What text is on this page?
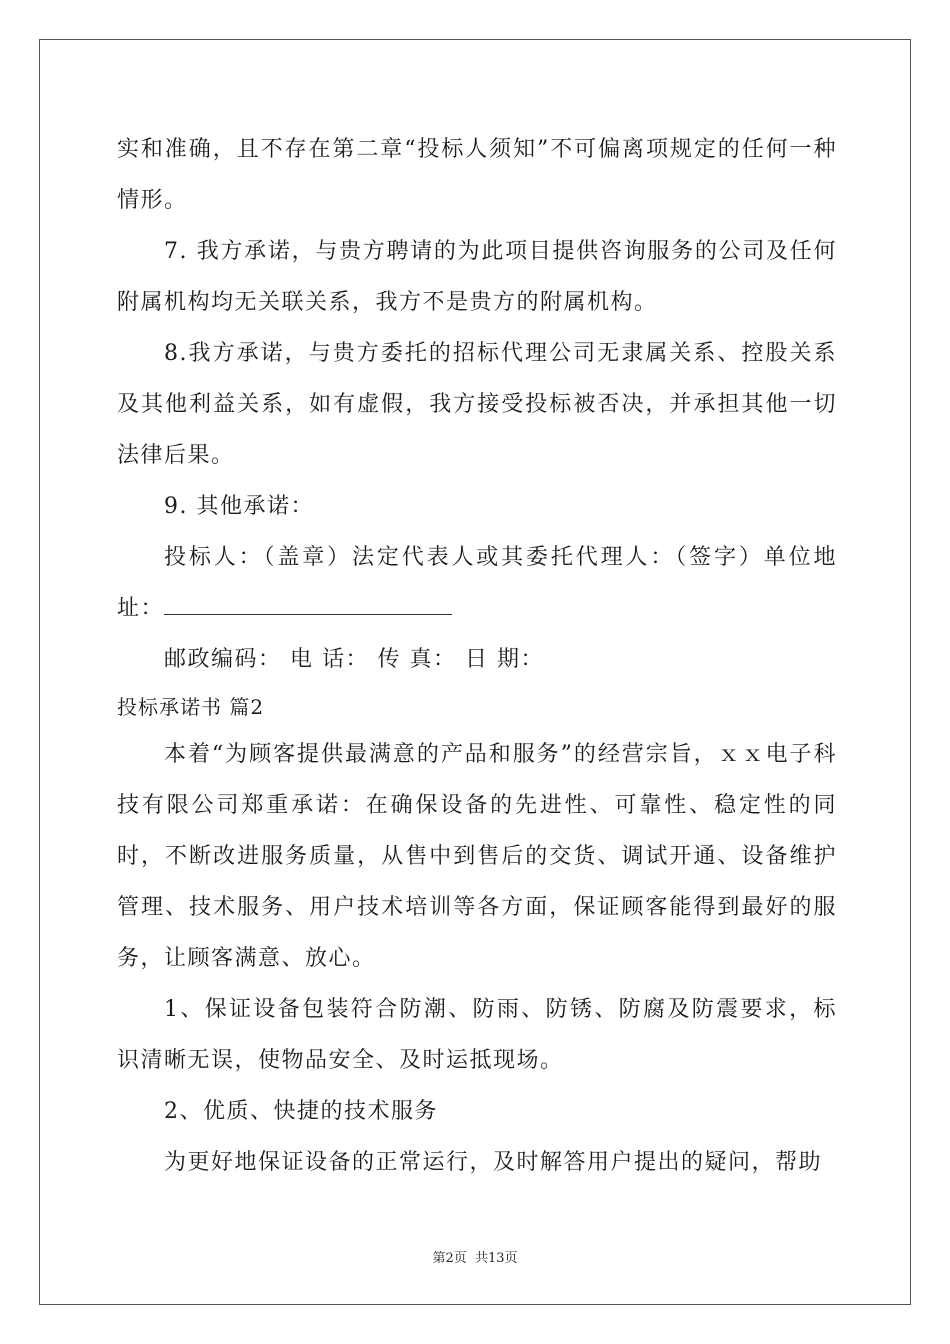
实和准确，且不存在第二章“投标人须知”不可偏离项规定的任何一种情形。

7. 我方承诺，与贵方聘请的为此项目提供咨询服务的公司及任何附属机构均无关联关系，我方不是贵方的附属机构。

8.我方承诺，与贵方委托的招标代理公司无隶属关系、控股关系及其他利益关系，如有虚假，我方接受投标被否决，并承担其他一切法律后果。

9. 其他承诺：

投标人：（盖章）法定代表人或其委托代理人：（签字）单位地址：

邮政编码： 电 话： 传 真： 日 期：

投标承诺书 篇2

本着“为顾客提供最满意的产品和服务”的经营宗旨，ｘｘ电子科技有限公司郑重承诺：在确保设备的先进性、可靠性、稳定性的同时，不断改进服务质量，从售中到售后的交货、调试开通、设备维护管理、技术服务、用户技术培训等各方面，保证顾客能得到最好的服务，让顾客满意、放心。

1、保证设备包装符合防潮、防雨、防锈、防腐及防震要求，标识清晰无误，使物品安全、及时运抵现场。

2、优质、快捷的技术服务

为更好地保证设备的正常运行，及时解答用户提出的疑问，帮助

第2页 共13页
